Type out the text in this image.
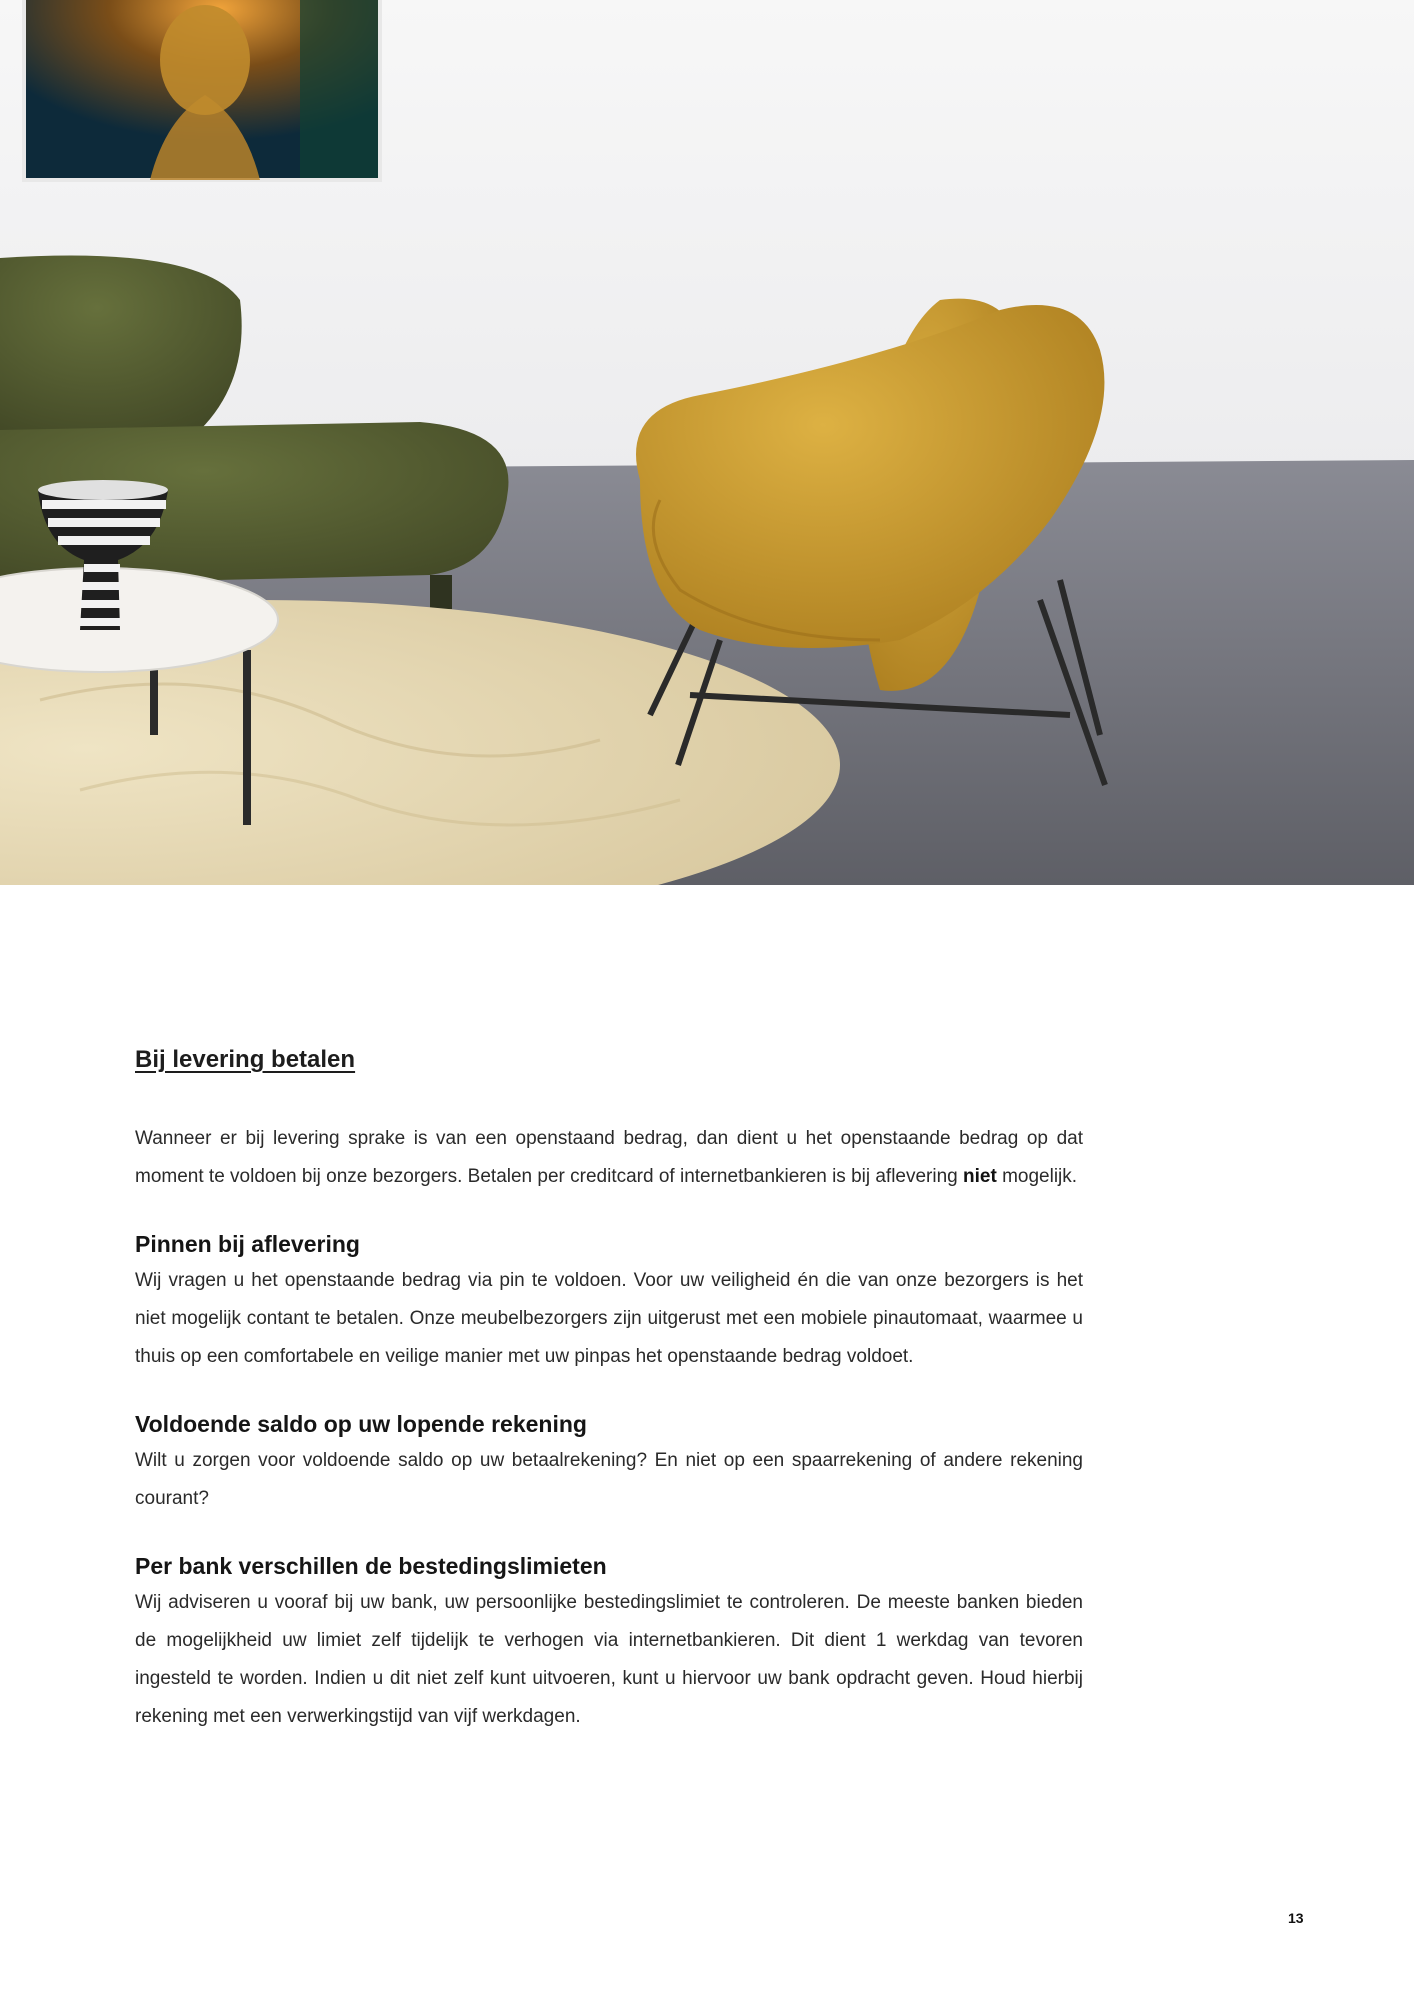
Bij levering betalen

Wanneer er bij levering sprake is van een openstaand bedrag, dan dient u het openstaande bedrag op dat moment te voldoen bij onze bezorgers. Betalen per creditcard of internetbankieren is bij aflevering niet mogelijk.

Pinnen bij aflevering

Wij vragen u het openstaande bedrag via pin te voldoen. Voor uw veiligheid én die van onze bezorgers is het niet mogelijk contant te betalen. Onze meubelbezorgers zijn uitgerust met een mobiele pinautomaat, waarmee u thuis op een comfortabele en veilige manier met uw pinpas het openstaande bedrag voldoet.

Voldoende saldo op uw lopende rekening

Wilt u zorgen voor voldoende saldo op uw betaalrekening? En niet op een spaarrekening of andere rekening courant?

Per bank verschillen de bestedingslimieten

Wij adviseren u vooraf bij uw bank, uw persoonlijke bestedingslimiet te controleren. De meeste banken bieden de mogelijkheid uw limiet zelf tijdelijk te verhogen via internetbankieren. Dit dient 1 werkdag van tevoren ingesteld te worden. Indien u dit niet zelf kunt uitvoeren, kunt u hiervoor uw bank opdracht geven. Houd hierbij rekening met een verwerkingstijd van vijf werkdagen.

13
